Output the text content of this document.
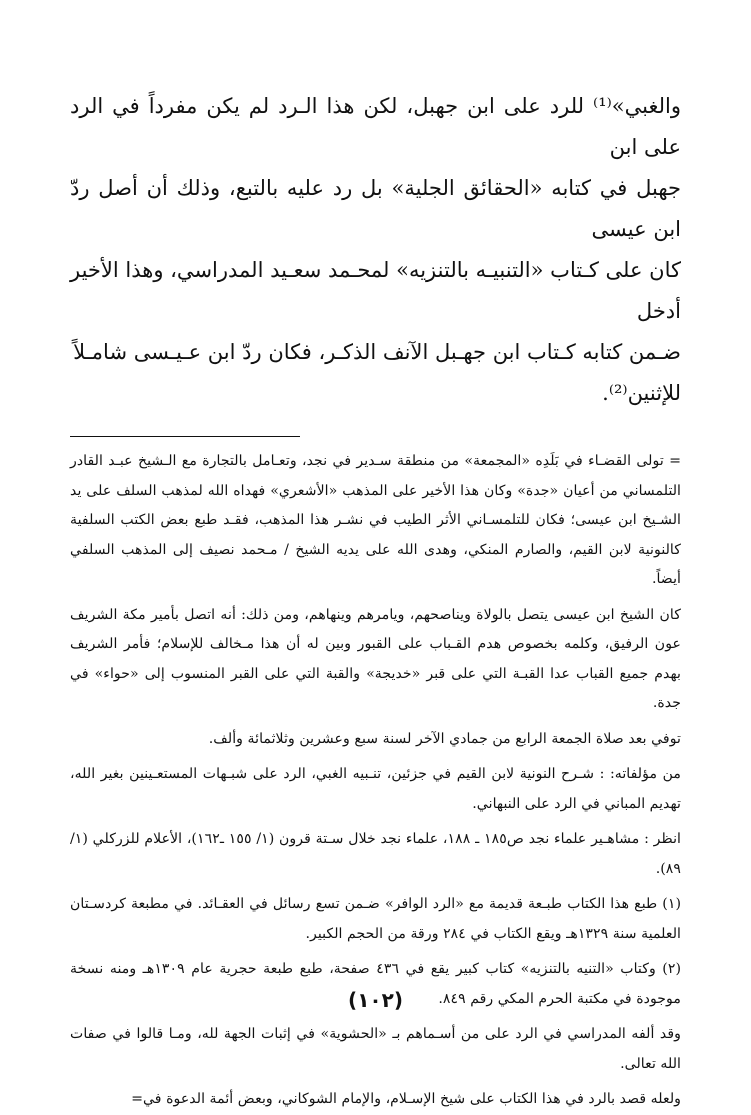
والغبي»⁽¹⁾ للرد على ابن جهبل، لكن هذا الـرد لم يكن مفرداً في الرد على ابن

جهبل في كتابه «الحقائق الجلية» بل رد عليه بالتبع، وذلك أن أصل ردّ ابن عيسى

كان على كـتاب «التنبيـه بالتنزيه» لمحـمد سعـيد المدراسي، وهذا الأخير أدخل

ضـمن كتابه كـتاب ابن جهـبل الآنف الذكـر، فكان ردّ ابن عـيـسى شامـلاً

للإثنين⁽²⁾.

= تولى القضـاء في بَلَدِه «المجمعة» من منطقة سـدير في نجد، وتعـامل بالتجارة مع الـشيخ عبـد القادر التلمساني من أعيان «جدة» وكان هذا الأخير على المذهب «الأشعري» فهداه الله لمذهب السلف على يد الشـيخ ابن عيسى؛ فكان للتلمسـاني الأثر الطيب في نشـر هذا المذهب، فقـد طبع بعض الكتب السلفية كالنونية لابن القيم، والصارم المنكي، وهدى الله على يديه الشيخ / مـحمد نصيف إلى المذهب السلفي أيضاً.

كان الشيخ ابن عيسى يتصل بالولاة ويناصحهم، ويامرهم وينهاهم، ومن ذلك: أنه اتصل بأمير مكة الشريف عون الرفيق، وكلمه بخصوص هدم القـباب على القبور وبين له أن هذا مـخالف للإسلام؛ فأمر الشريف بهدم جميع القباب عدا القبـة التي على قبر «خديجة» والقبة التي على القبر المنسوب إلى «حواء» في جدة.

توفي بعد صلاة الجمعة الرابع من جمادي الآخر لسنة سبع وعشرين وثلاثمائة وألف.

من مؤلفاته: : شـرح النونية لابن القيم في جزئين، تنـبيه الغبي، الرد على شبـهات المستعـينين بغير الله، تهديم المباني في الرد على النبهاني.

انظر : مشاهـير علماء نجد ص١٨٥ ـ ١٨٨، علماء نجد خلال سـتة قرون (١/ ١٥٥ ـ١٦٢)، الأعلام للزركلي (١/ ٨٩).

(١) طبع هذا الكتاب طبـعة قديمة مع «الرد الوافر» ضـمن تسع رسائل في العقـائد. في مطبعة كردسـتان العلمية سنة ١٣٢٩هـ ويقع الكتاب في ٢٨٤ ورقة من الحجم الكبير.

(٢) وكتاب «التنيه بالتنزيه» كتاب كبير يقع في ٤٣٦ صفحة، طبع طبعة حجرية عام ١٣٠٩هـ ومنه نسخة موجودة في مكتبة الحرم المكي رقم ٨٤٩.

وقد ألفه المدراسي في الرد على من أسـماهم بـ «الحشوية» في إثبات الجهة لله، ومـا قالوا في صفات الله تعالى.

ولعله قصد بالرد في هذا الكتاب على شيخ الإسـلام، والإمام الشوكاني، وبعض أئمة الدعوة في=

(١٠٢)
